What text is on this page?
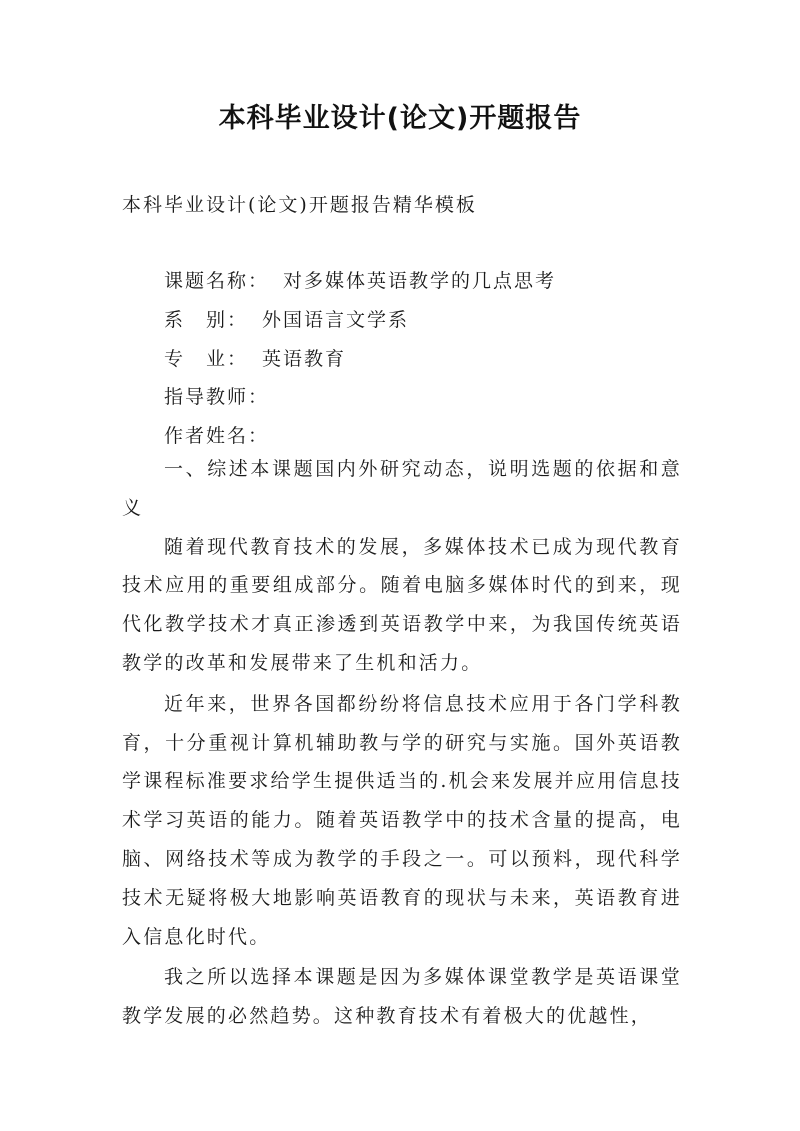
本科毕业设计(论文)开题报告
本科毕业设计(论文)开题报告精华模板
课题名称： 对多媒体英语教学的几点思考
系　别： 外国语言文学系
专　业： 英语教育
指导教师：
作者姓名：

一、综述本课题国内外研究动态，说明选题的依据和意义

随着现代教育技术的发展，多媒体技术已成为现代教育技术应用的重要组成部分。随着电脑多媒体时代的到来，现代化教学技术才真正渗透到英语教学中来，为我国传统英语教学的改革和发展带来了生机和活力。

近年来，世界各国都纷纷将信息技术应用于各门学科教育，十分重视计算机辅助教与学的研究与实施。国外英语教学课程标准要求给学生提供适当的.机会来发展并应用信息技术学习英语的能力。随着英语教学中的技术含量的提高，电脑、网络技术等成为教学的手段之一。可以预料，现代科学技术无疑将极大地影响英语教育的现状与未来，英语教育进入信息化时代。

我之所以选择本课题是因为多媒体课堂教学是英语课堂教学发展的必然趋势。这种教育技术有着极大的优越性，
